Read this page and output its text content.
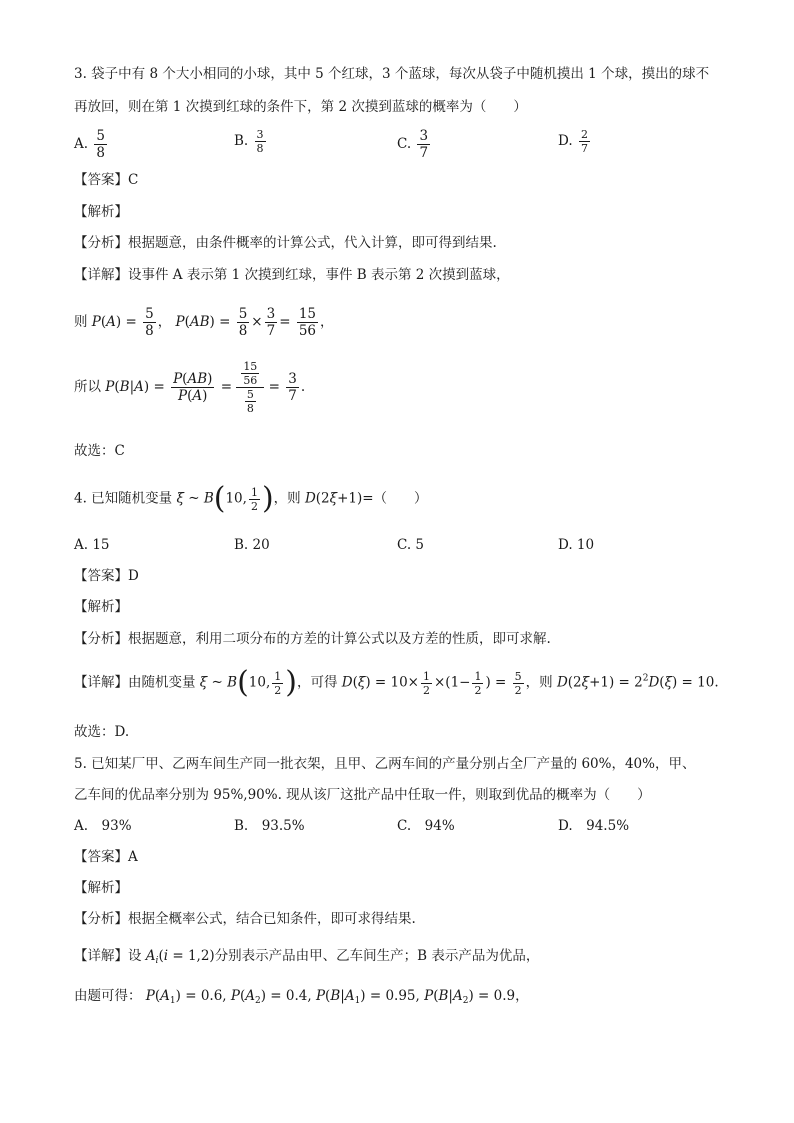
3. 袋子中有 8 个大小相同的小球，其中 5 个红球，3 个蓝球，每次从袋子中随机摸出 1 个球，摸出的球不
再放回，则在第 1 次摸到红球的条件下，第 2 次摸到蓝球的概率为（　　）
A. $\frac{5}{8}$	B. $\frac{3}{8}$	C. $\frac{3}{7}$	D. $\frac{2}{7}$
【答案】C
【解析】
【分析】根据题意，由条件概率的计算公式，代入计算，即可得到结果.
【详解】设事件 A 表示第 1 次摸到红球，事件 B 表示第 2 次摸到蓝球，
则 $P(A) = \frac{5}{8}$ ， $P(AB) = \frac{5}{8} \times \frac{3}{7} = \frac{15}{56}$ ，
所以 $P(B|A) = \frac{P(AB)}{P(A)} = \frac{\frac{15}{56}}{\frac{5}{8}} = \frac{3}{7}$ .
故选：C
4. 已知随机变量 ξ ~ B(10, $\frac{1}{2}$ )，则 D(2ξ+1)=（　　）
A. 15	B. 20	C. 5	D. 10
【答案】D
【解析】
【分析】根据题意，利用二项分布的方差的计算公式以及方差的性质，即可求解.
【详解】由随机变量 ξ ~ B(10, $\frac{1}{2}$ )，可得 $D(\xi) = 10\times \frac{1}{2} \times(1- \frac{1}{2}$ ) = $\frac{5}{2}$ ，则 $D(2\xi+1) = 2^2D(\xi) = 10$.
故选：D.
5. 已知某厂甲、乙两车间生产同一批衣架，且甲、乙两车间的产量分别占全厂产量的 60%，40%，甲、
乙车间的优品率分别为 95%,90%. 现从该厂这批产品中任取一件，则取到优品的概率为（　　）
A.　93%	B.　93.5%	C.　94%	D.　94.5%
【答案】A
【解析】
【分析】根据全概率公式，结合已知条件，即可求得结果.
【详解】设 $A_i(i = 1,2)$分别表示产品由甲、乙车间生产；B 表示产品为优品，
由题可得： $P(A_1) = 0.6$, $P(A_2) = 0.4$, $P(B|A_1) = 0.95$, $P(B|A_2) = 0.9$，
